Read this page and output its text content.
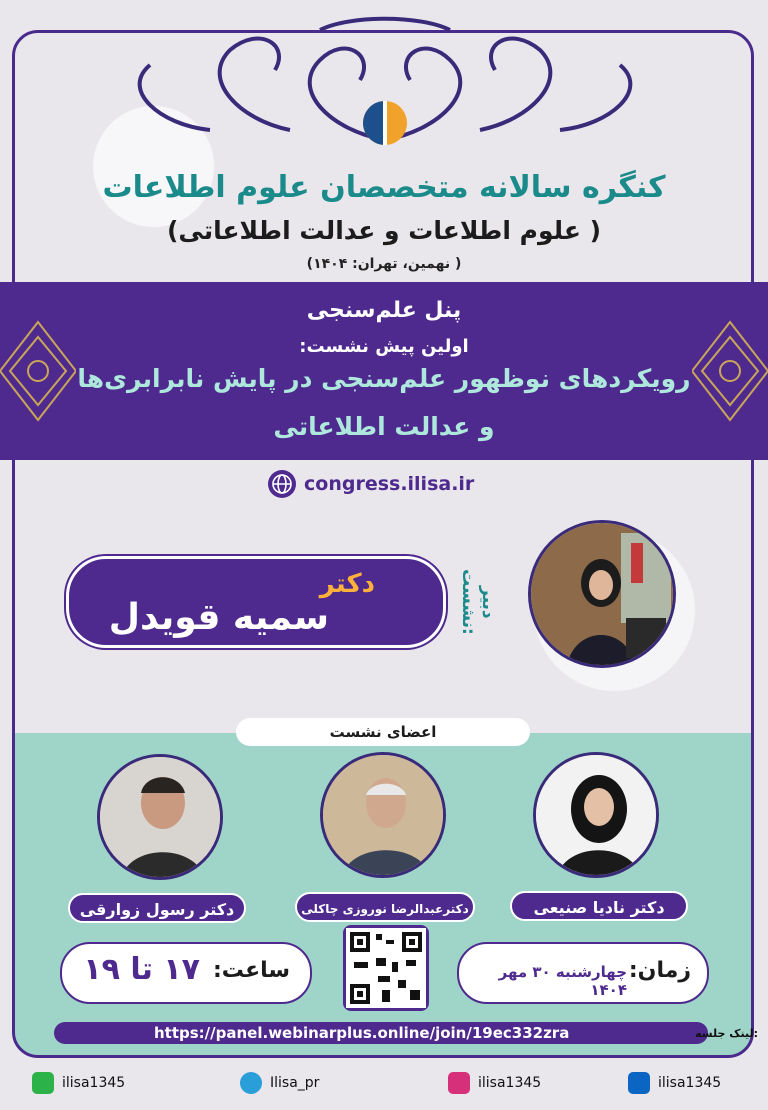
کنگره سالانه متخصصان علوم اطلاعات
( علوم اطلاعات و عدالت اطلاعاتی)
( نهمین، تهران: ۱۴۰۴)
پنل علم‌سنجی
اولین پیش نشست:
رویکردهای نوظهور علم‌سنجی در پایش نابرابری‌ها
و عدالت اطلاعاتی
congress.ilisa.ir
دکتر
سمیه قویدل	دبیر نشست:
اعضای نشست
دکتر نادیا صنیعی
دکترعبدالرضا نوروزی چاکلی
دکتر رسول زوارقی
زمان:
چهارشنبه ۳۰ مهر ۱۴۰۴
ساعت:
۱۷ تا ۱۹
https://panel.webinarplus.online/join/19ec332zra	لینک جلسه:
ilisa1345	Ilisa_pr	ilisa1345	ilisa1345
